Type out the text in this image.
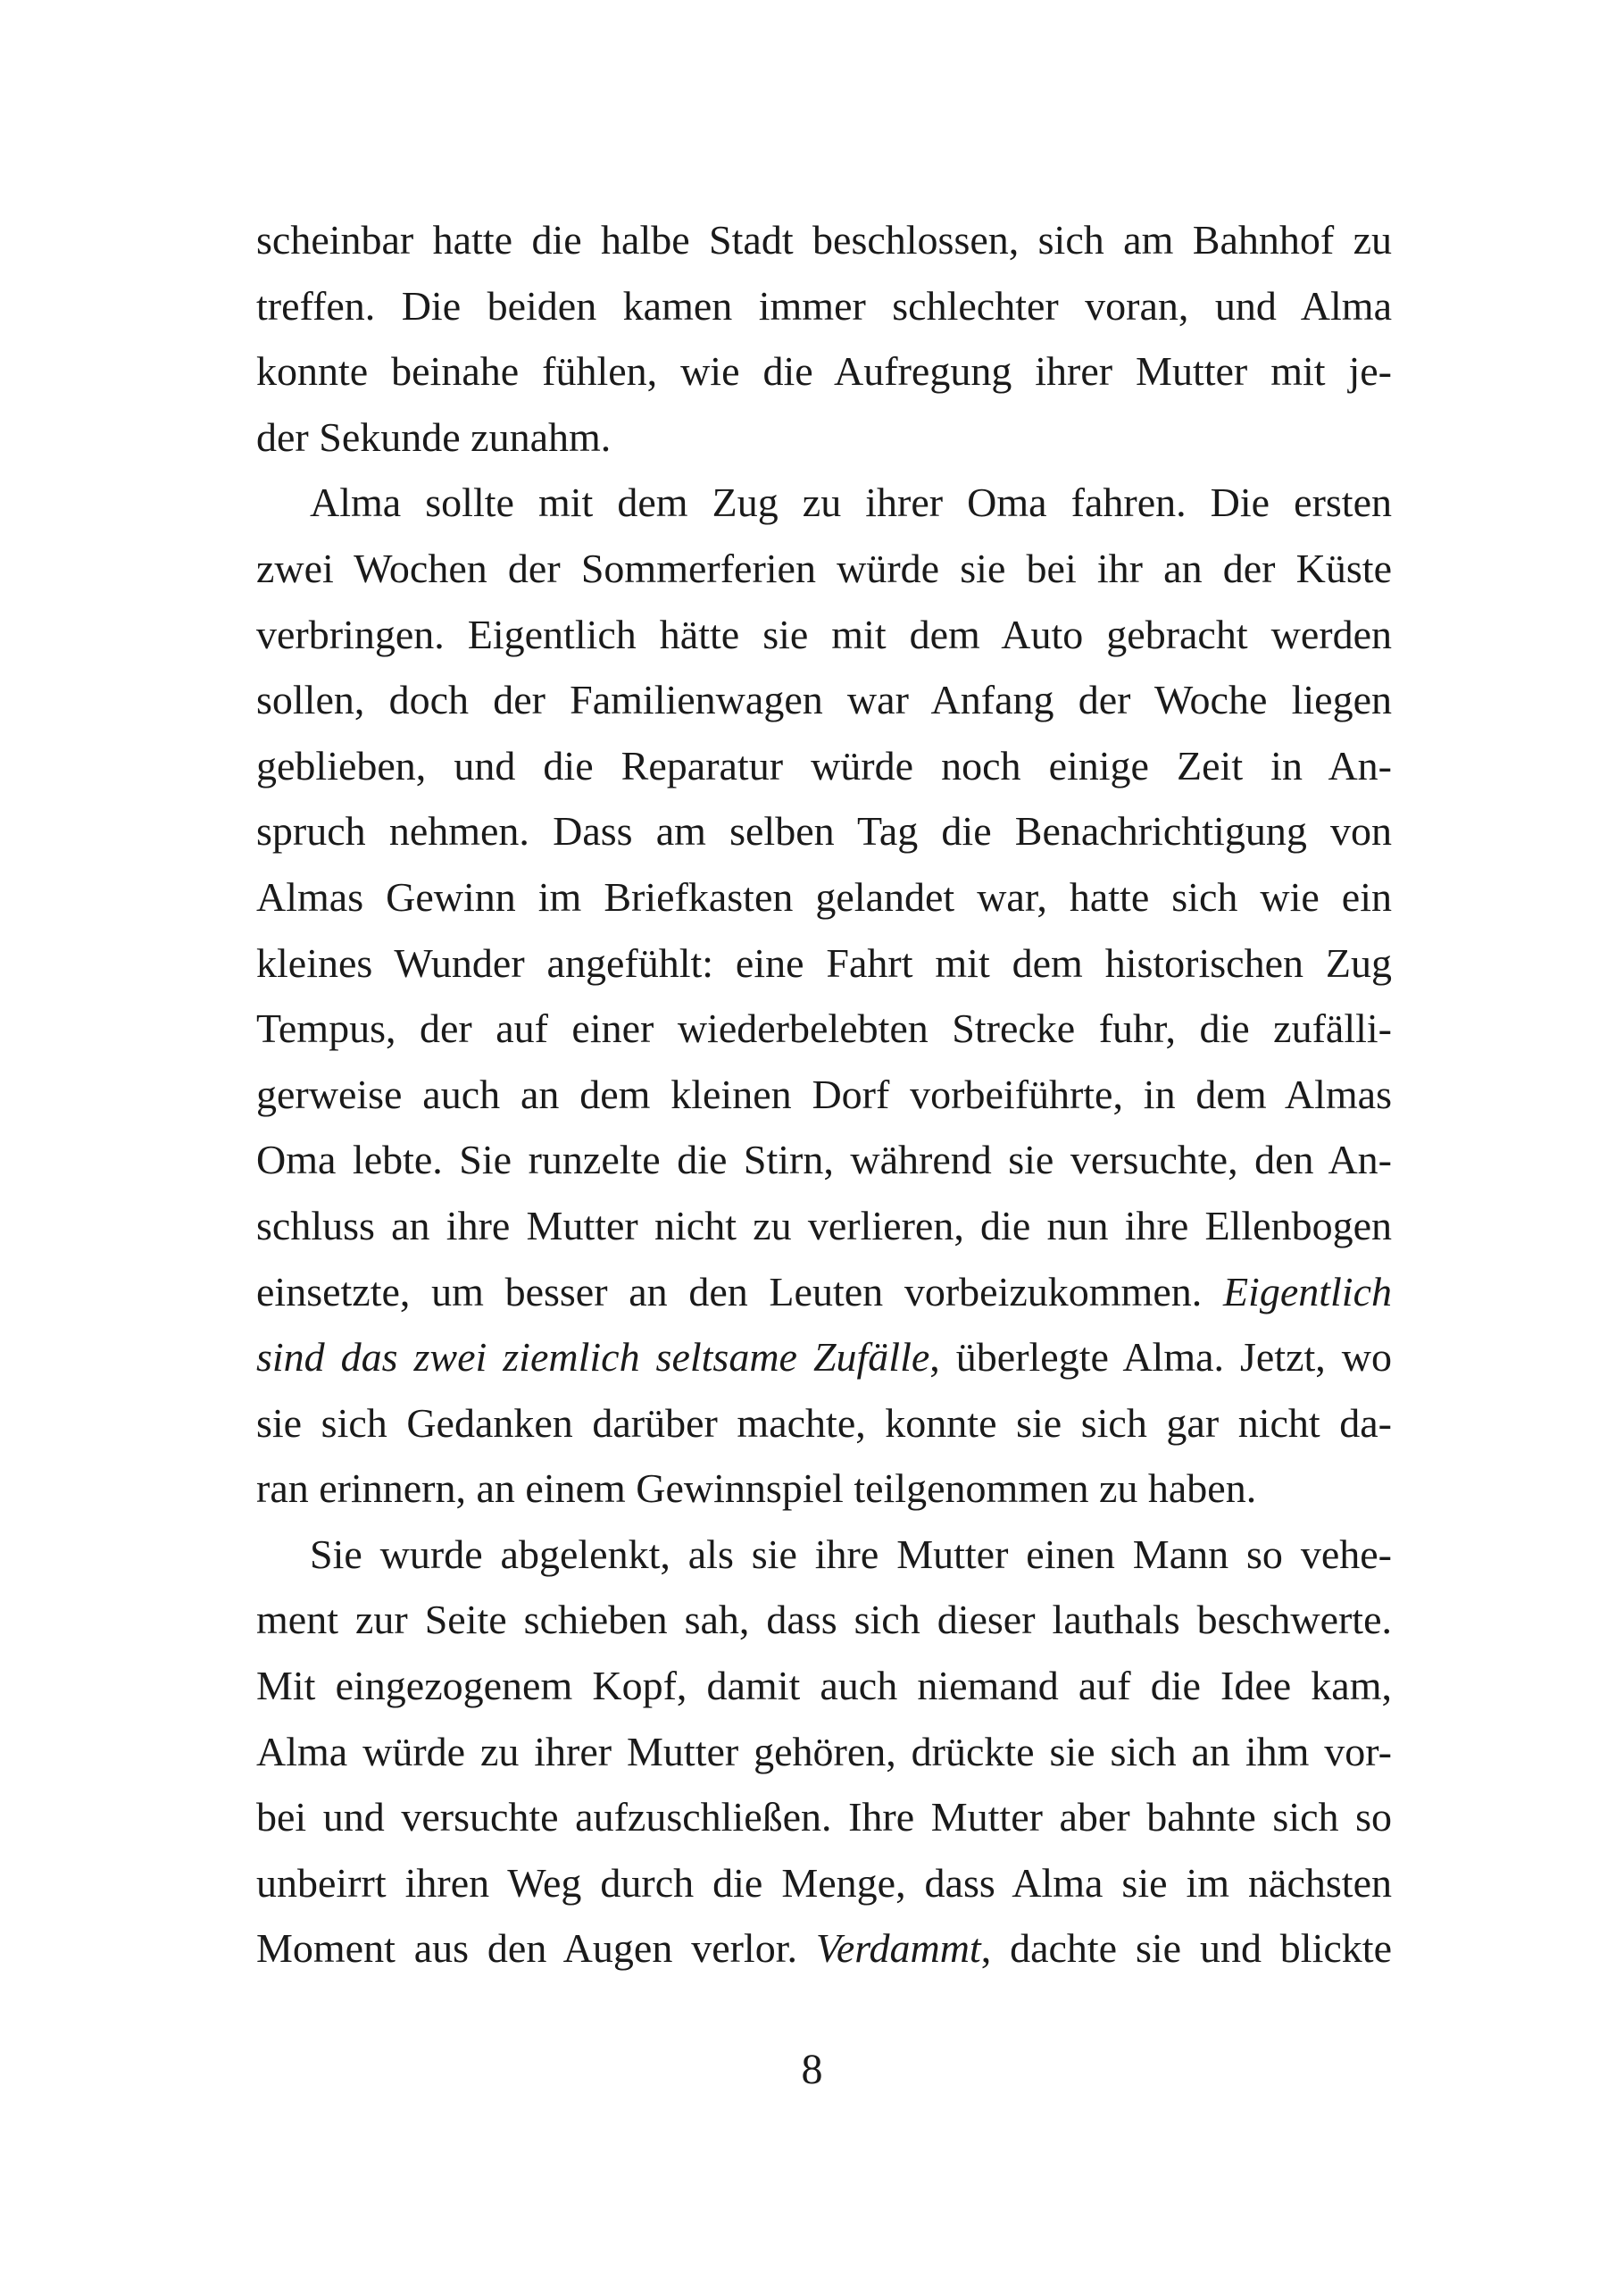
scheinbar hatte die halbe Stadt beschlossen, sich am Bahnhof zu
treffen. Die beiden kamen immer schlechter voran, und Alma
konnte beinahe fühlen, wie die Aufregung ihrer Mutter mit je-
der Sekunde zunahm.
Alma sollte mit dem Zug zu ihrer Oma fahren. Die ersten
zwei Wochen der Sommerferien würde sie bei ihr an der Küste
verbringen. Eigentlich hätte sie mit dem Auto gebracht werden
sollen, doch der Familienwagen war Anfang der Woche liegen
geblieben, und die Reparatur würde noch einige Zeit in An-
spruch nehmen. Dass am selben Tag die Benachrichtigung von
Almas Gewinn im Briefkasten gelandet war, hatte sich wie ein
kleines Wunder angefühlt: eine Fahrt mit dem historischen Zug
Tempus, der auf einer wiederbelebten Strecke fuhr, die zufälli-
gerweise auch an dem kleinen Dorf vorbeiführte, in dem Almas
Oma lebte. Sie runzelte die Stirn, während sie versuchte, den An-
schluss an ihre Mutter nicht zu verlieren, die nun ihre Ellenbogen
einsetzte, um besser an den Leuten vorbeizukommen. Eigentlich
sind das zwei ziemlich seltsame Zufälle, überlegte Alma. Jetzt, wo
sie sich Gedanken darüber machte, konnte sie sich gar nicht da-
ran erinnern, an einem Gewinnspiel teilgenommen zu haben.
Sie wurde abgelenkt, als sie ihre Mutter einen Mann so vehe-
ment zur Seite schieben sah, dass sich dieser lauthals beschwerte.
Mit eingezogenem Kopf, damit auch niemand auf die Idee kam,
Alma würde zu ihrer Mutter gehören, drückte sie sich an ihm vor-
bei und versuchte aufzuschließen. Ihre Mutter aber bahnte sich so
unbeirrt ihren Weg durch die Menge, dass Alma sie im nächsten
Moment aus den Augen verlor. Verdammt, dachte sie und blickte
8
